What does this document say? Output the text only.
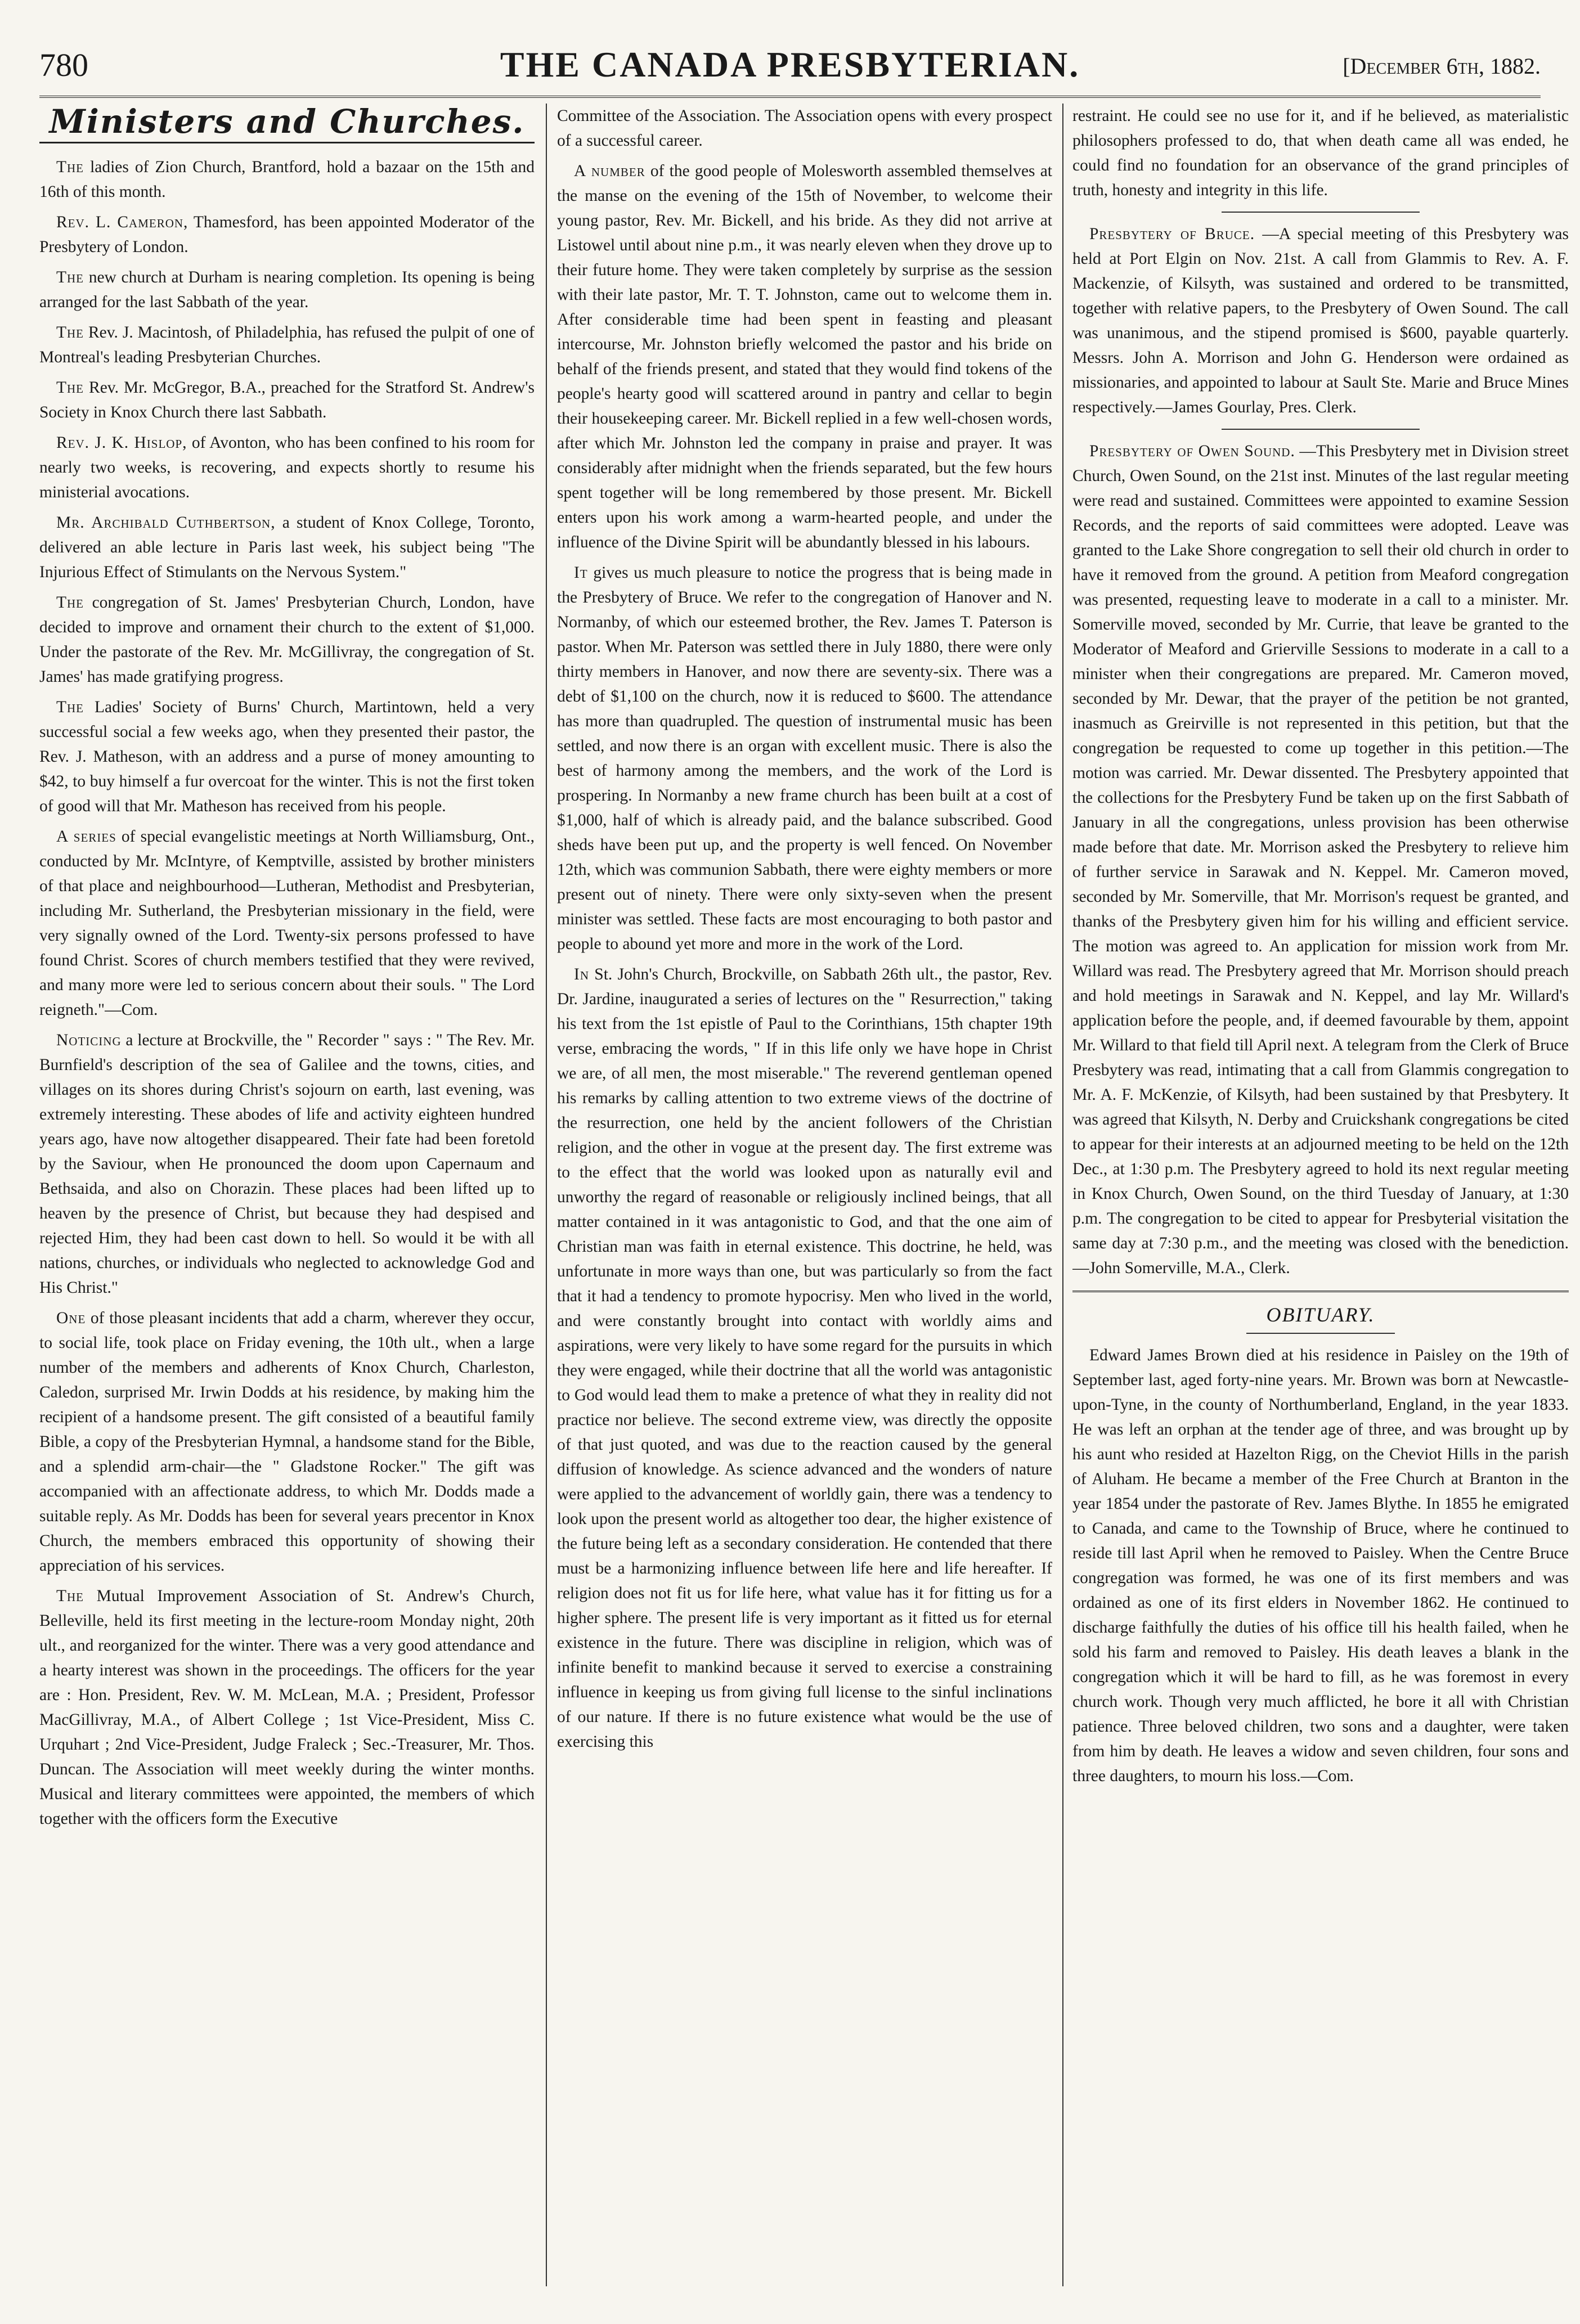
780	THE CANADA PRESBYTERIAN.	[December 6th, 1882.
Ministers and Churches.

The ladies of Zion Church, Brantford, hold a bazaar on the 15th and 16th of this month.

Rev. L. Cameron, Thamesford, has been appointed Moderator of the Presbytery of London.

The new church at Durham is nearing completion. Its opening is being arranged for the last Sabbath of the year.

The Rev. J. Macintosh, of Philadelphia, has refused the pulpit of one of Montreal's leading Presbyterian Churches.

The Rev. Mr. McGregor, B.A., preached for the Stratford St. Andrew's Society in Knox Church there last Sabbath.

Rev. J. K. Hislop, of Avonton, who has been confined to his room for nearly two weeks, is recovering, and expects shortly to resume his ministerial avocations.

Mr. Archibald Cuthbertson, a student of Knox College, Toronto, delivered an able lecture in Paris last week, his subject being "The Injurious Effect of Stimulants on the Nervous System."

The congregation of St. James' Presbyterian Church, London, have decided to improve and ornament their church to the extent of $1,000. Under the pastorate of the Rev. Mr. McGillivray, the congregation of St. James' has made gratifying progress.

The Ladies' Society of Burns' Church, Martintown, held a very successful social a few weeks ago, when they presented their pastor, the Rev. J. Matheson, with an address and a purse of money amounting to $42, to buy himself a fur overcoat for the winter. This is not the first token of good will that Mr. Matheson has received from his people.

A series of special evangelistic meetings at North Williamsburg, Ont., conducted by Mr. McIntyre, of Kemptville, assisted by brother ministers of that place and neighbourhood—Lutheran, Methodist and Presbyterian, including Mr. Sutherland, the Presbyterian missionary in the field, were very signally owned of the Lord. Twenty-six persons professed to have found Christ. Scores of church members testified that they were revived, and many more were led to serious concern about their souls. " The Lord reigneth."—Com.

Noticing a lecture at Brockville, the " Recorder " says : " The Rev. Mr. Burnfield's description of the sea of Galilee and the towns, cities, and villages on its shores during Christ's sojourn on earth, last evening, was extremely interesting. These abodes of life and activity eighteen hundred years ago, have now altogether disappeared. Their fate had been foretold by the Saviour, when He pronounced the doom upon Capernaum and Bethsaida, and also on Chorazin. These places had been lifted up to heaven by the presence of Christ, but because they had despised and rejected Him, they had been cast down to hell. So would it be with all nations, churches, or individuals who neglected to acknowledge God and His Christ."

One of those pleasant incidents that add a charm, wherever they occur, to social life, took place on Friday evening, the 10th ult., when a large number of the members and adherents of Knox Church, Charleston, Caledon, surprised Mr. Irwin Dodds at his residence, by making him the recipient of a handsome present. The gift consisted of a beautiful family Bible, a copy of the Presbyterian Hymnal, a handsome stand for the Bible, and a splendid arm-chair—the " Gladstone Rocker." The gift was accompanied with an affectionate address, to which Mr. Dodds made a suitable reply. As Mr. Dodds has been for several years precentor in Knox Church, the members embraced this opportunity of showing their appreciation of his services.

The Mutual Improvement Association of St. Andrew's Church, Belleville, held its first meeting in the lecture-room Monday night, 20th ult., and reorganized for the winter. There was a very good attendance and a hearty interest was shown in the proceedings. The officers for the year are : Hon. President, Rev. W. M. McLean, M.A. ; President, Professor MacGillivray, M.A., of Albert College ; 1st Vice-President, Miss C. Urquhart ; 2nd Vice-President, Judge Fraleck ; Sec.-Treasurer, Mr. Thos. Duncan. The Association will meet weekly during the winter months. Musical and literary committees were appointed, the members of which together with the officers form the Executive

Committee of the Association. The Association opens with every prospect of a successful career.

A number of the good people of Molesworth assembled themselves at the manse on the evening of the 15th of November, to welcome their young pastor, Rev. Mr. Bickell, and his bride. As they did not arrive at Listowel until about nine p.m., it was nearly eleven when they drove up to their future home. They were taken completely by surprise as the session with their late pastor, Mr. T. T. Johnston, came out to welcome them in. After considerable time had been spent in feasting and pleasant intercourse, Mr. Johnston briefly welcomed the pastor and his bride on behalf of the friends present, and stated that they would find tokens of the people's hearty good will scattered around in pantry and cellar to begin their housekeeping career. Mr. Bickell replied in a few well-chosen words, after which Mr. Johnston led the company in praise and prayer. It was considerably after midnight when the friends separated, but the few hours spent together will be long remembered by those present. Mr. Bickell enters upon his work among a warm-hearted people, and under the influence of the Divine Spirit will be abundantly blessed in his labours.

It gives us much pleasure to notice the progress that is being made in the Presbytery of Bruce. We refer to the congregation of Hanover and N. Normanby, of which our esteemed brother, the Rev. James T. Paterson is pastor. When Mr. Paterson was settled there in July 1880, there were only thirty members in Hanover, and now there are seventy-six. There was a debt of $1,100 on the church, now it is reduced to $600. The attendance has more than quadrupled. The question of instrumental music has been settled, and now there is an organ with excellent music. There is also the best of harmony among the members, and the work of the Lord is prospering. In Normanby a new frame church has been built at a cost of $1,000, half of which is already paid, and the balance subscribed. Good sheds have been put up, and the property is well fenced. On November 12th, which was communion Sabbath, there were eighty members or more present out of ninety. There were only sixty-seven when the present minister was settled. These facts are most encouraging to both pastor and people to abound yet more and more in the work of the Lord.

In St. John's Church, Brockville, on Sabbath 26th ult., the pastor, Rev. Dr. Jardine, inaugurated a series of lectures on the " Resurrection," taking his text from the 1st epistle of Paul to the Corinthians, 15th chapter 19th verse, embracing the words, " If in this life only we have hope in Christ we are, of all men, the most miserable." The reverend gentleman opened his remarks by calling attention to two extreme views of the doctrine of the resurrection, one held by the ancient followers of the Christian religion, and the other in vogue at the present day. The first extreme was to the effect that the world was looked upon as naturally evil and unworthy the regard of reasonable or religiously inclined beings, that all matter contained in it was antagonistic to God, and that the one aim of Christian man was faith in eternal existence. This doctrine, he held, was unfortunate in more ways than one, but was particularly so from the fact that it had a tendency to promote hypocrisy. Men who lived in the world, and were constantly brought into contact with worldly aims and aspirations, were very likely to have some regard for the pursuits in which they were engaged, while their doctrine that all the world was antagonistic to God would lead them to make a pretence of what they in reality did not practice nor believe. The second extreme view, was directly the opposite of that just quoted, and was due to the reaction caused by the general diffusion of knowledge. As science advanced and the wonders of nature were applied to the advancement of worldly gain, there was a tendency to look upon the present world as altogether too dear, the higher existence of the future being left as a secondary consideration. He contended that there must be a harmonizing influence between life here and life hereafter. If religion does not fit us for life here, what value has it for fitting us for a higher sphere. The present life is very important as it fitted us for eternal existence in the future. There was discipline in religion, which was of infinite benefit to mankind because it served to exercise a constraining influence in keeping us from giving full license to the sinful inclinations of our nature. If there is no future existence what would be the use of exercising this

restraint. He could see no use for it, and if he believed, as materialistic philosophers professed to do, that when death came all was ended, he could find no foundation for an observance of the grand principles of truth, honesty and integrity in this life.

Presbytery of Bruce. —A special meeting of this Presbytery was held at Port Elgin on Nov. 21st. A call from Glammis to Rev. A. F. Mackenzie, of Kilsyth, was sustained and ordered to be transmitted, together with relative papers, to the Presbytery of Owen Sound. The call was unanimous, and the stipend promised is $600, payable quarterly. Messrs. John A. Morrison and John G. Henderson were ordained as missionaries, and appointed to labour at Sault Ste. Marie and Bruce Mines respectively.—James Gourlay, Pres. Clerk.

Presbytery of Owen Sound. —This Presbytery met in Division street Church, Owen Sound, on the 21st inst. Minutes of the last regular meeting were read and sustained. Committees were appointed to examine Session Records, and the reports of said committees were adopted. Leave was granted to the Lake Shore congregation to sell their old church in order to have it removed from the ground. A petition from Meaford congregation was presented, requesting leave to moderate in a call to a minister. Mr. Somerville moved, seconded by Mr. Currie, that leave be granted to the Moderator of Meaford and Grierville Sessions to moderate in a call to a minister when their congregations are prepared. Mr. Cameron moved, seconded by Mr. Dewar, that the prayer of the petition be not granted, inasmuch as Greirville is not represented in this petition, but that the congregation be requested to come up together in this petition.—The motion was carried. Mr. Dewar dissented. The Presbytery appointed that the collections for the Presbytery Fund be taken up on the first Sabbath of January in all the congregations, unless provision has been otherwise made before that date. Mr. Morrison asked the Presbytery to relieve him of further service in Sarawak and N. Keppel. Mr. Cameron moved, seconded by Mr. Somerville, that Mr. Morrison's request be granted, and thanks of the Presbytery given him for his willing and efficient service. The motion was agreed to. An application for mission work from Mr. Willard was read. The Presbytery agreed that Mr. Morrison should preach and hold meetings in Sarawak and N. Keppel, and lay Mr. Willard's application before the people, and, if deemed favourable by them, appoint Mr. Willard to that field till April next. A telegram from the Clerk of Bruce Presbytery was read, intimating that a call from Glammis congregation to Mr. A. F. McKenzie, of Kilsyth, had been sustained by that Presbytery. It was agreed that Kilsyth, N. Derby and Cruickshank congregations be cited to appear for their interests at an adjourned meeting to be held on the 12th Dec., at 1:30 p.m. The Presbytery agreed to hold its next regular meeting in Knox Church, Owen Sound, on the third Tuesday of January, at 1:30 p.m. The congregation to be cited to appear for Presbyterial visitation the same day at 7:30 p.m., and the meeting was closed with the benediction. —John Somerville, M.A., Clerk.

OBITUARY.

Edward James Brown died at his residence in Paisley on the 19th of September last, aged forty-nine years. Mr. Brown was born at Newcastle-upon-Tyne, in the county of Northumberland, England, in the year 1833. He was left an orphan at the tender age of three, and was brought up by his aunt who resided at Hazelton Rigg, on the Cheviot Hills in the parish of Aluham. He became a member of the Free Church at Branton in the year 1854 under the pastorate of Rev. James Blythe. In 1855 he emigrated to Canada, and came to the Township of Bruce, where he continued to reside till last April when he removed to Paisley. When the Centre Bruce congregation was formed, he was one of its first members and was ordained as one of its first elders in November 1862. He continued to discharge faithfully the duties of his office till his health failed, when he sold his farm and removed to Paisley. His death leaves a blank in the congregation which it will be hard to fill, as he was foremost in every church work. Though very much afflicted, he bore it all with Christian patience. Three beloved children, two sons and a daughter, were taken from him by death. He leaves a widow and seven children, four sons and three daughters, to mourn his loss.—Com.
